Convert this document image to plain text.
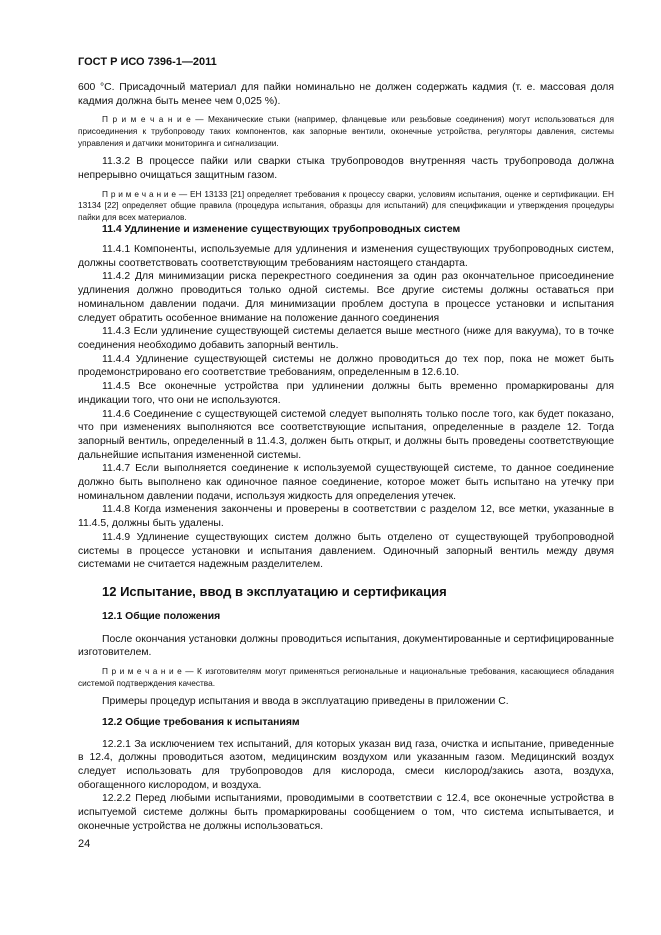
ГОСТ Р ИСО 7396-1—2011

600 °С. Присадочный материал для пайки номинально не должен содержать кадмия (т. е. массовая доля кадмия должна быть менее чем 0,025 %).

П р и м е ч а н и е — Механические стыки (например, фланцевые или резьбовые соединения) могут использоваться для присоединения к трубопроводу таких компонентов, как запорные вентили, оконечные устройства, регуляторы давления, системы управления и датчики мониторинга и сигнализации.

11.3.2 В процессе пайки или сварки стыка трубопроводов внутренняя часть трубопровода должна непрерывно очищаться защитным газом.

П р и м е ч а н и е — ЕН 13133 [21] определяет требования к процессу сварки, условиям испытания, оценке и сертификации. ЕН 13134 [22] определяет общие правила (процедура испытания, образцы для испытаний) для спецификации и утверждения процедуры пайки для всех материалов.

11.4 Удлинение и изменение существующих трубопроводных систем

11.4.1 Компоненты, используемые для удлинения и изменения существующих трубопроводных систем, должны соответствовать соответствующим требованиям настоящего стандарта.

11.4.2 Для минимизации риска перекрестного соединения за один раз окончательное присоединение удлинения должно проводиться только одной системы. Все другие системы должны оставаться при номинальном давлении подачи. Для минимизации проблем доступа в процессе установки и испытания следует обратить особенное внимание на положение данного соединения

11.4.3 Если удлинение существующей системы делается выше местного (ниже для вакуума), то в точке соединения необходимо добавить запорный вентиль.

11.4.4 Удлинение существующей системы не должно проводиться до тех пор, пока не может быть продемонстрировано его соответствие требованиям, определенным в 12.6.10.

11.4.5 Все оконечные устройства при удлинении должны быть временно промаркированы для индикации того, что они не используются.

11.4.6 Соединение с существующей системой следует выполнять только после того, как будет показано, что при изменениях выполняются все соответствующие испытания, определенные в разделе 12. Тогда запорный вентиль, определенный в 11.4.3, должен быть открыт, и должны быть проведены соответствующие дальнейшие испытания измененной системы.

11.4.7 Если выполняется соединение к используемой существующей системе, то данное соединение должно быть выполнено как одиночное паяное соединение, которое может быть испытано на утечку при номинальном давлении подачи, используя жидкость для определения утечек.

11.4.8 Когда изменения закончены и проверены в соответствии с разделом 12, все метки, указанные в 11.4.5, должны быть удалены.

11.4.9 Удлинение существующих систем должно быть отделено от существующей трубопроводной системы в процессе установки и испытания давлением. Одиночный запорный вентиль между двумя системами не считается надежным разделителем.

12 Испытание, ввод в эксплуатацию и сертификация

12.1 Общие положения

После окончания установки должны проводиться испытания, документированные и сертифицированные изготовителем.

П р и м е ч а н и е — К изготовителям могут применяться региональные и национальные требования, касающиеся обладания системой подтверждения качества.

Примеры процедур испытания и ввода в эксплуатацию приведены в приложении С.

12.2 Общие требования к испытаниям

12.2.1 За исключением тех испытаний, для которых указан вид газа, очистка и испытание, приведенные в 12.4, должны проводиться азотом, медицинским воздухом или указанным газом. Медицинский воздух следует использовать для трубопроводов для кислорода, смеси кислород/закись азота, воздуха, обогащенного кислородом, и воздуха.

12.2.2 Перед любыми испытаниями, проводимыми в соответствии с 12.4, все оконечные устройства в испытуемой системе должны быть промаркированы сообщением о том, что система испытывается, и оконечные устройства не должны использоваться.

24
